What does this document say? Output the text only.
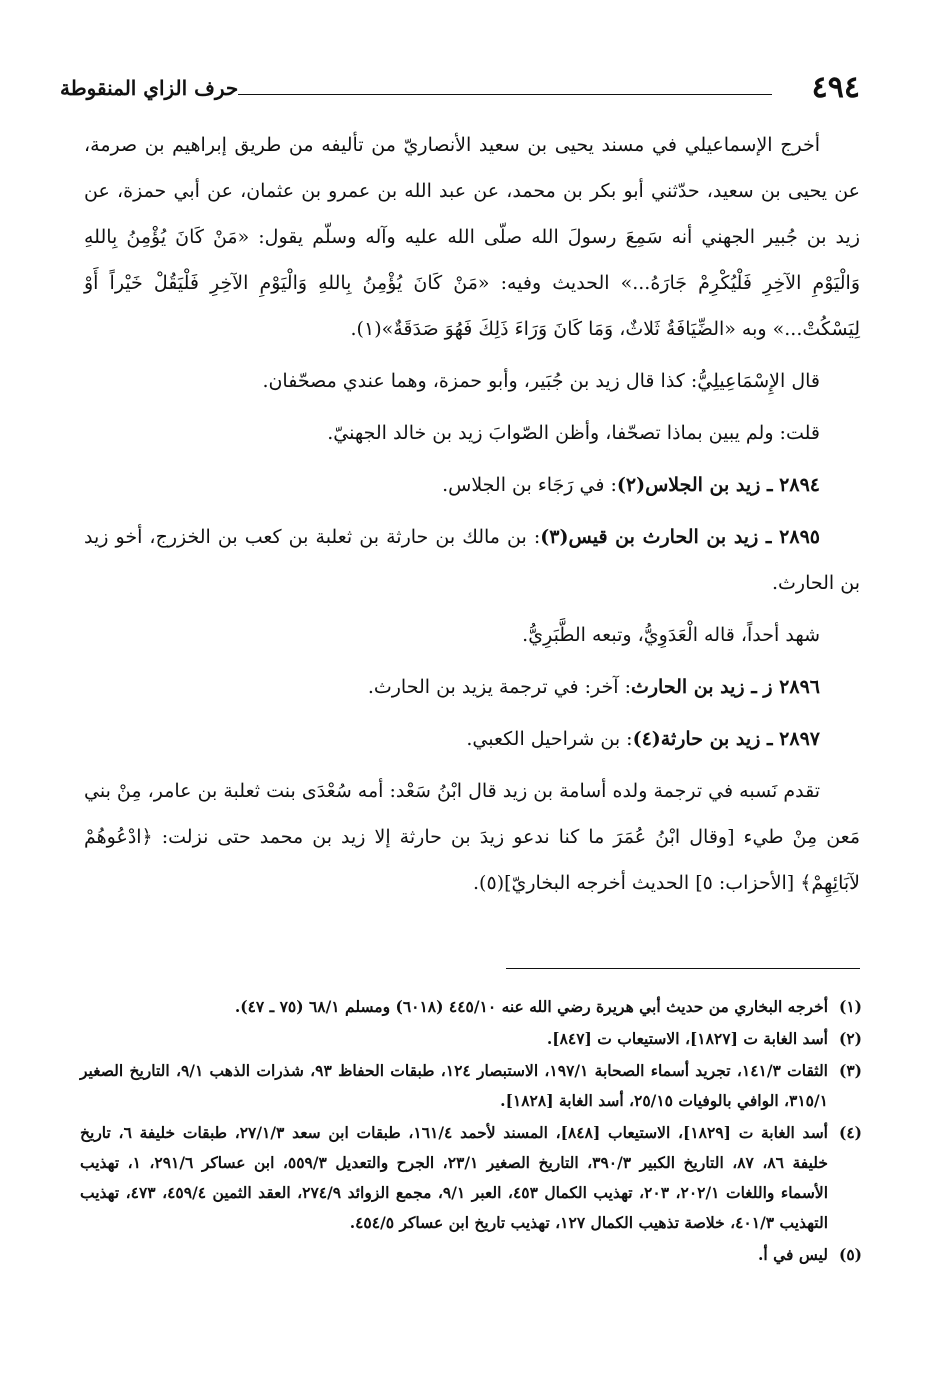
٤٩٤
حرف الزاي المنقوطة

أخرج الإسماعيلي في مسند يحيى بن سعيد الأنصاريّ من تأليفه من طريق إبراهيم بن صرمة، عن يحيى بن سعيد، حدّثني أبو بكر بن محمد، عن عبد الله بن عمرو بن عثمان، عن أبي حمزة، عن زيد بن جُبير الجهني أنه سَمِعَ رسولَ الله صلّى الله عليه وآله وسلّم يقول: «مَنْ كَانَ يُؤْمِنُ بِاللهِ وَالْيَوْمِ الآخِرِ فَلْيُكْرِمْ جَارَهُ...» الحديث وفيه: «مَنْ كَانَ يُؤْمِنُ بِاللهِ وَالْيَوْمِ الآخِرِ فَلْيَقُلْ خَيْراً أَوْ لِيَسْكُتْ...» وبه «الضِّيَافَةُ ثَلاثٌ، وَمَا كَانَ وَرَاءَ ذَلِكَ فَهُوَ صَدَقَةٌ»(١).

قال الإِسْمَاعِيلِيُّ: كذا قال زيد بن جُبَير، وأبو حمزة، وهما عندي مصحّفان.

قلت: ولم يبين بماذا تصحّفا، وأظن الصّوابَ زيد بن خالد الجهنيّ.

٢٨٩٤ ـ زيد بن الجلاس(٢): في رَجَاء بن الجلاس.

٢٨٩٥ ـ زيد بن الحارث بن قيس(٣): بن مالك بن حارثة بن ثعلبة بن كعب بن الخزرج، أخو زيد بن الحارث.

شهد أحداً، قاله الْعَدَوِيُّ، وتبعه الطَّبَرِيُّ.

٢٨٩٦ ز ـ زيد بن الحارث: آخر: في ترجمة يزيد بن الحارث.

٢٨٩٧ ـ زيد بن حارثة(٤): بن شراحيل الكعبي.

تقدم نَسبه في ترجمة ولده أسامة بن زيد قال ابْنُ سَعْد: أمه سُعْدَى بنت ثعلبة بن عامر، مِنْ بني مَعن مِنْ طيء [وقال ابْنُ عُمَرَ ما كنا ندعو زيدَ بن حارثة إلا زيد بن محمد حتى نزلت: ﴿ادْعُوهُمْ لآبَائِهِمْ﴾ [الأحزاب: ٥] الحديث أخرجه البخاريّ](٥).

(١)أخرجه البخاري من حديث أبي هريرة رضي الله عنه ٤٤٥/١٠ (٦٠١٨) ومسلم ٦٨/١ (٧٥ ـ ٤٧).

(٢)أسد الغابة ت [١٨٢٧]، الاستيعاب ت [٨٤٧].

(٣)الثقات ١٤١/٣، تجريد أسماء الصحابة ١٩٧/١، الاستبصار ١٢٤، طبقات الحفاظ ٩٣، شذرات الذهب ٩/١، التاريخ الصغير ٣١٥/١، الوافي بالوفيات ٢٥/١٥، أسد الغابة [١٨٢٨].

(٤)أسد الغابة ت [١٨٢٩]، الاستيعاب [٨٤٨]، المسند لأحمد ١٦١/٤، طبقات ابن سعد ٢٧/١/٣، طبقات خليفة ٦، تاريخ خليفة ٨٦، ٨٧، التاريخ الكبير ٣٩٠/٣، التاريخ الصغير ٢٣/١، الجرح والتعديل ٥٥٩/٣، ابن عساكر ٢٩١/٦، ١، تهذيب الأسماء واللغات ٢٠٢/١، ٢٠٣، تهذيب الكمال ٤٥٣، العبر ٩/١، مجمع الزوائد ٢٧٤/٩، العقد الثمين ٤٥٩/٤، ٤٧٣، تهذيب التهذيب ٤٠١/٣، خلاصة تذهيب الكمال ١٢٧، تهذيب تاريخ ابن عساكر ٤٥٤/٥.

(٥)ليس في أ.
